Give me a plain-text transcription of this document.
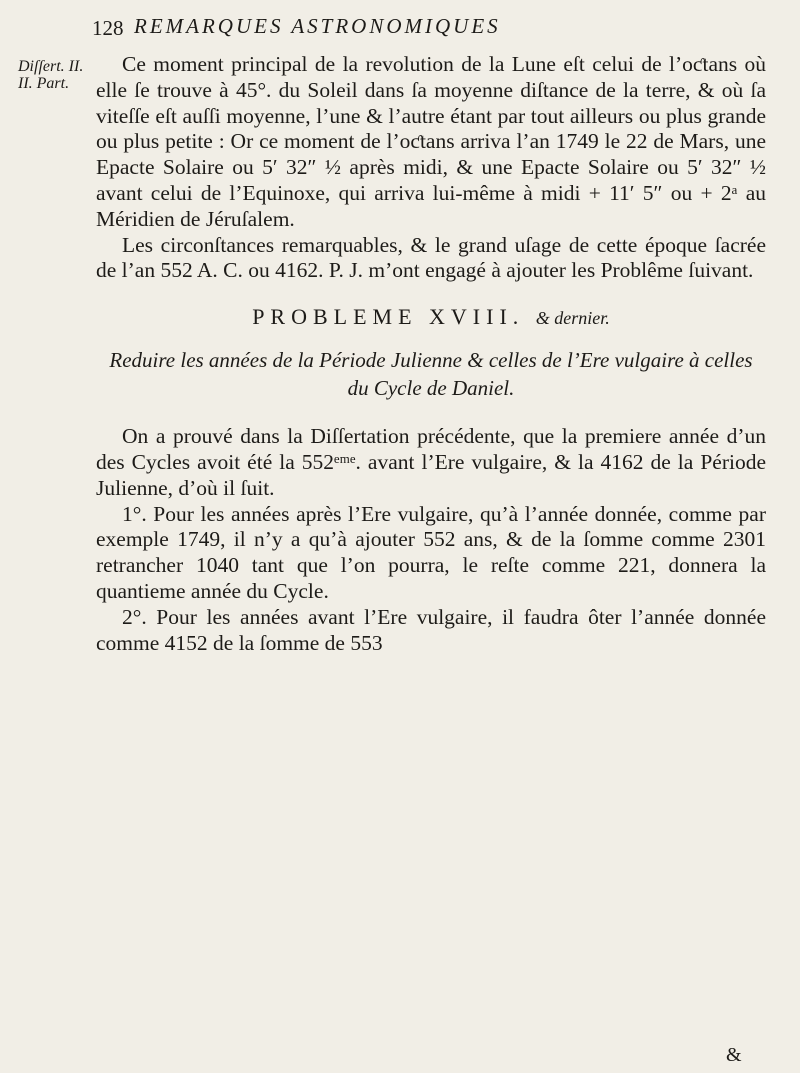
128 REMARQUES ASTRONOMIQUES
Diſſert. II.
II. Part.

Ce moment principal de la revolution de la Lune eſt celui de l’oƈtans où elle ſe trouve à 45°. du Soleil dans ſa moyenne diſtance de la terre, & où ſa viteſſe eſt auſſi moyenne, l’une & l’autre étant par tout ailleurs ou plus grande ou plus petite : Or ce moment de l’oƈtans arriva l’an 1749 le 22 de Mars, une Epacte Solaire ou 5′ 32″ ½ après midi, & une Epacte Solaire ou 5′ 32″ ½ avant celui de l’Equinoxe, qui arriva lui-même à midi + 11′ 5″ ou + 2ᵃ au Méridien de Jéruſalem.

Les circonſtances remarquables, & le grand uſage de cette époque ſacrée de l’an 552 A. C. ou 4162. P. J. m’ont engagé à ajouter les Problême ſuivant.

PROBLEME XVIII. & dernier.
Reduire les années de la Période Julienne & celles de l’Ere vulgaire à celles du Cycle de Daniel.

On a prouvé dans la Diſſertation précédente, que la premiere année d’un des Cycles avoit été la 552ᵉᵐᵉ. avant l’Ere vulgaire, & la 4162 de la Période Julienne, d’où il ſuit.

1°. Pour les années après l’Ere vulgaire, qu’à l’année donnée, comme par exemple 1749, il n’y a qu’à ajouter 552 ans, & de la ſomme comme 2301 retrancher 1040 tant que l’on pourra, le reſte comme 221, donnera la quantieme année du Cycle.

2°. Pour les années avant l’Ere vulgaire, il faudra ôter l’année donnée comme 4152 de la ſomme de 553

&
